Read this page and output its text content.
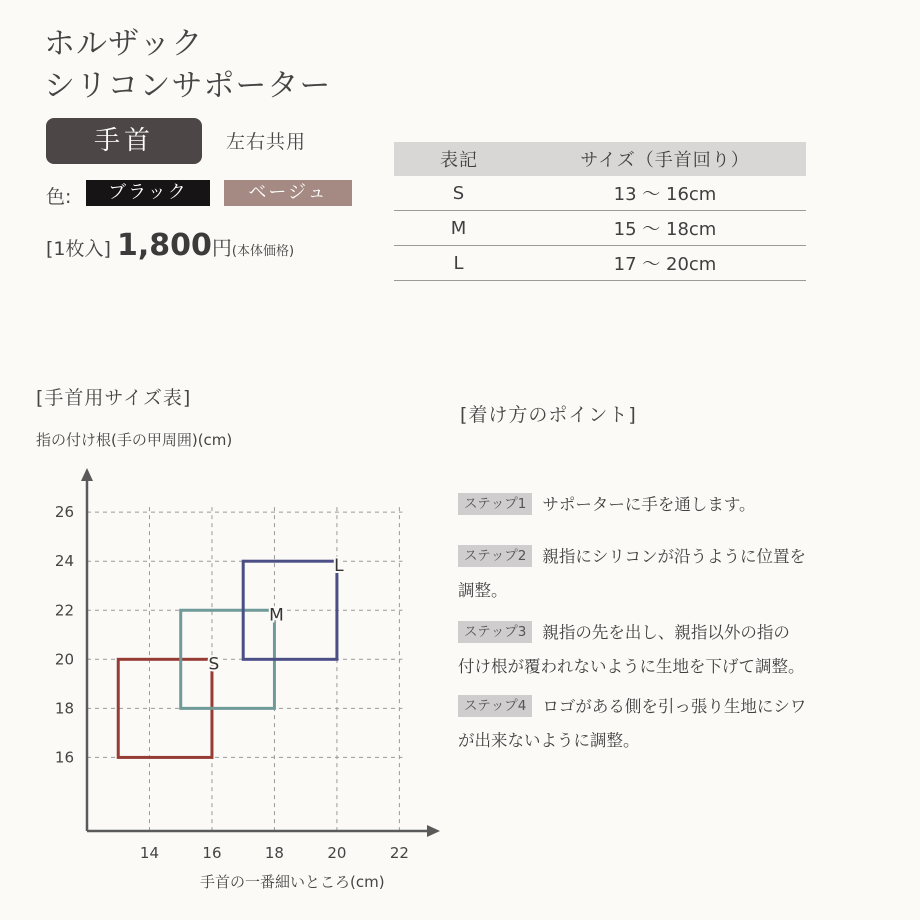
ホルザック
シリコンサポーター
手首	左右共用
色:	ブラック	ベージュ
[1枚入] 1,800円(本体価格)
表記	サイズ（手首回り）
S	13 〜 16cm
M	15 〜 18cm
L	17 〜 20cm
[手首用サイズ表]
指の付け根(手の甲周囲)(cm)
手首の一番細いところ(cm)
14	16	18	20	22
16
18
20
22
24
26
S
M
L
[着け方のポイント]
ステップ1 サポーターに手を通します。
ステップ2 親指にシリコンが沿うように位置を
調整。
ステップ3 親指の先を出し、親指以外の指の
付け根が覆われないように生地を下げて調整。
ステップ4 ロゴがある側を引っ張り生地にシワ
が出来ないように調整。
